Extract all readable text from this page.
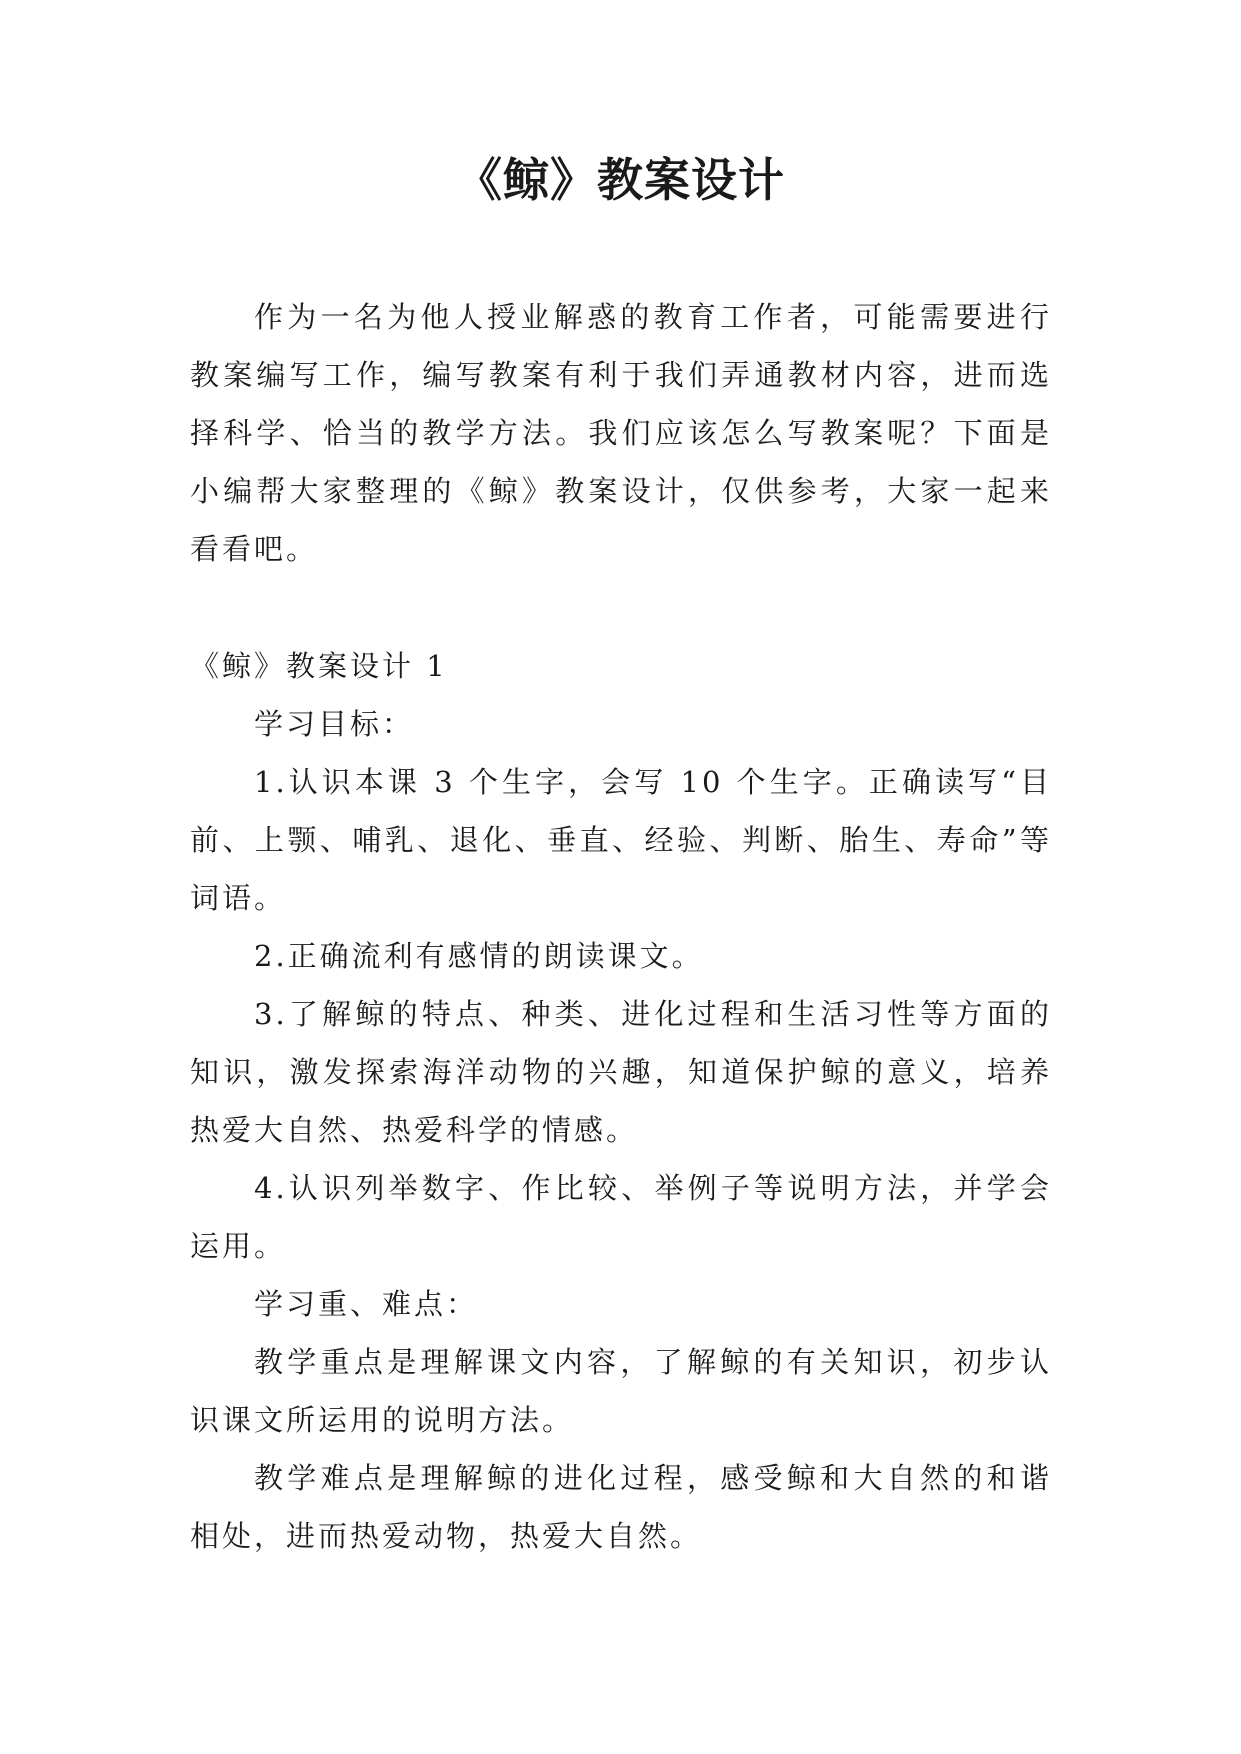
《鲸》教案设计

作为一名为他人授业解惑的教育工作者，可能需要进行教案编写工作，编写教案有利于我们弄通教材内容，进而选择科学、恰当的教学方法。我们应该怎么写教案呢？下面是小编帮大家整理的《鲸》教案设计，仅供参考，大家一起来看看吧。

《鲸》教案设计 1

学习目标：

1.认识本课 3 个生字，会写 10 个生字。正确读写“目前、上颚、哺乳、退化、垂直、经验、判断、胎生、寿命”等词语。

2.正确流利有感情的朗读课文。

3.了解鲸的特点、种类、进化过程和生活习性等方面的知识，激发探索海洋动物的兴趣，知道保护鲸的意义，培养热爱大自然、热爱科学的情感。

4.认识列举数字、作比较、举例子等说明方法，并学会运用。

学习重、难点：

教学重点是理解课文内容，了解鲸的有关知识，初步认识课文所运用的说明方法。

教学难点是理解鲸的进化过程，感受鲸和大自然的和谐相处，进而热爱动物，热爱大自然。
